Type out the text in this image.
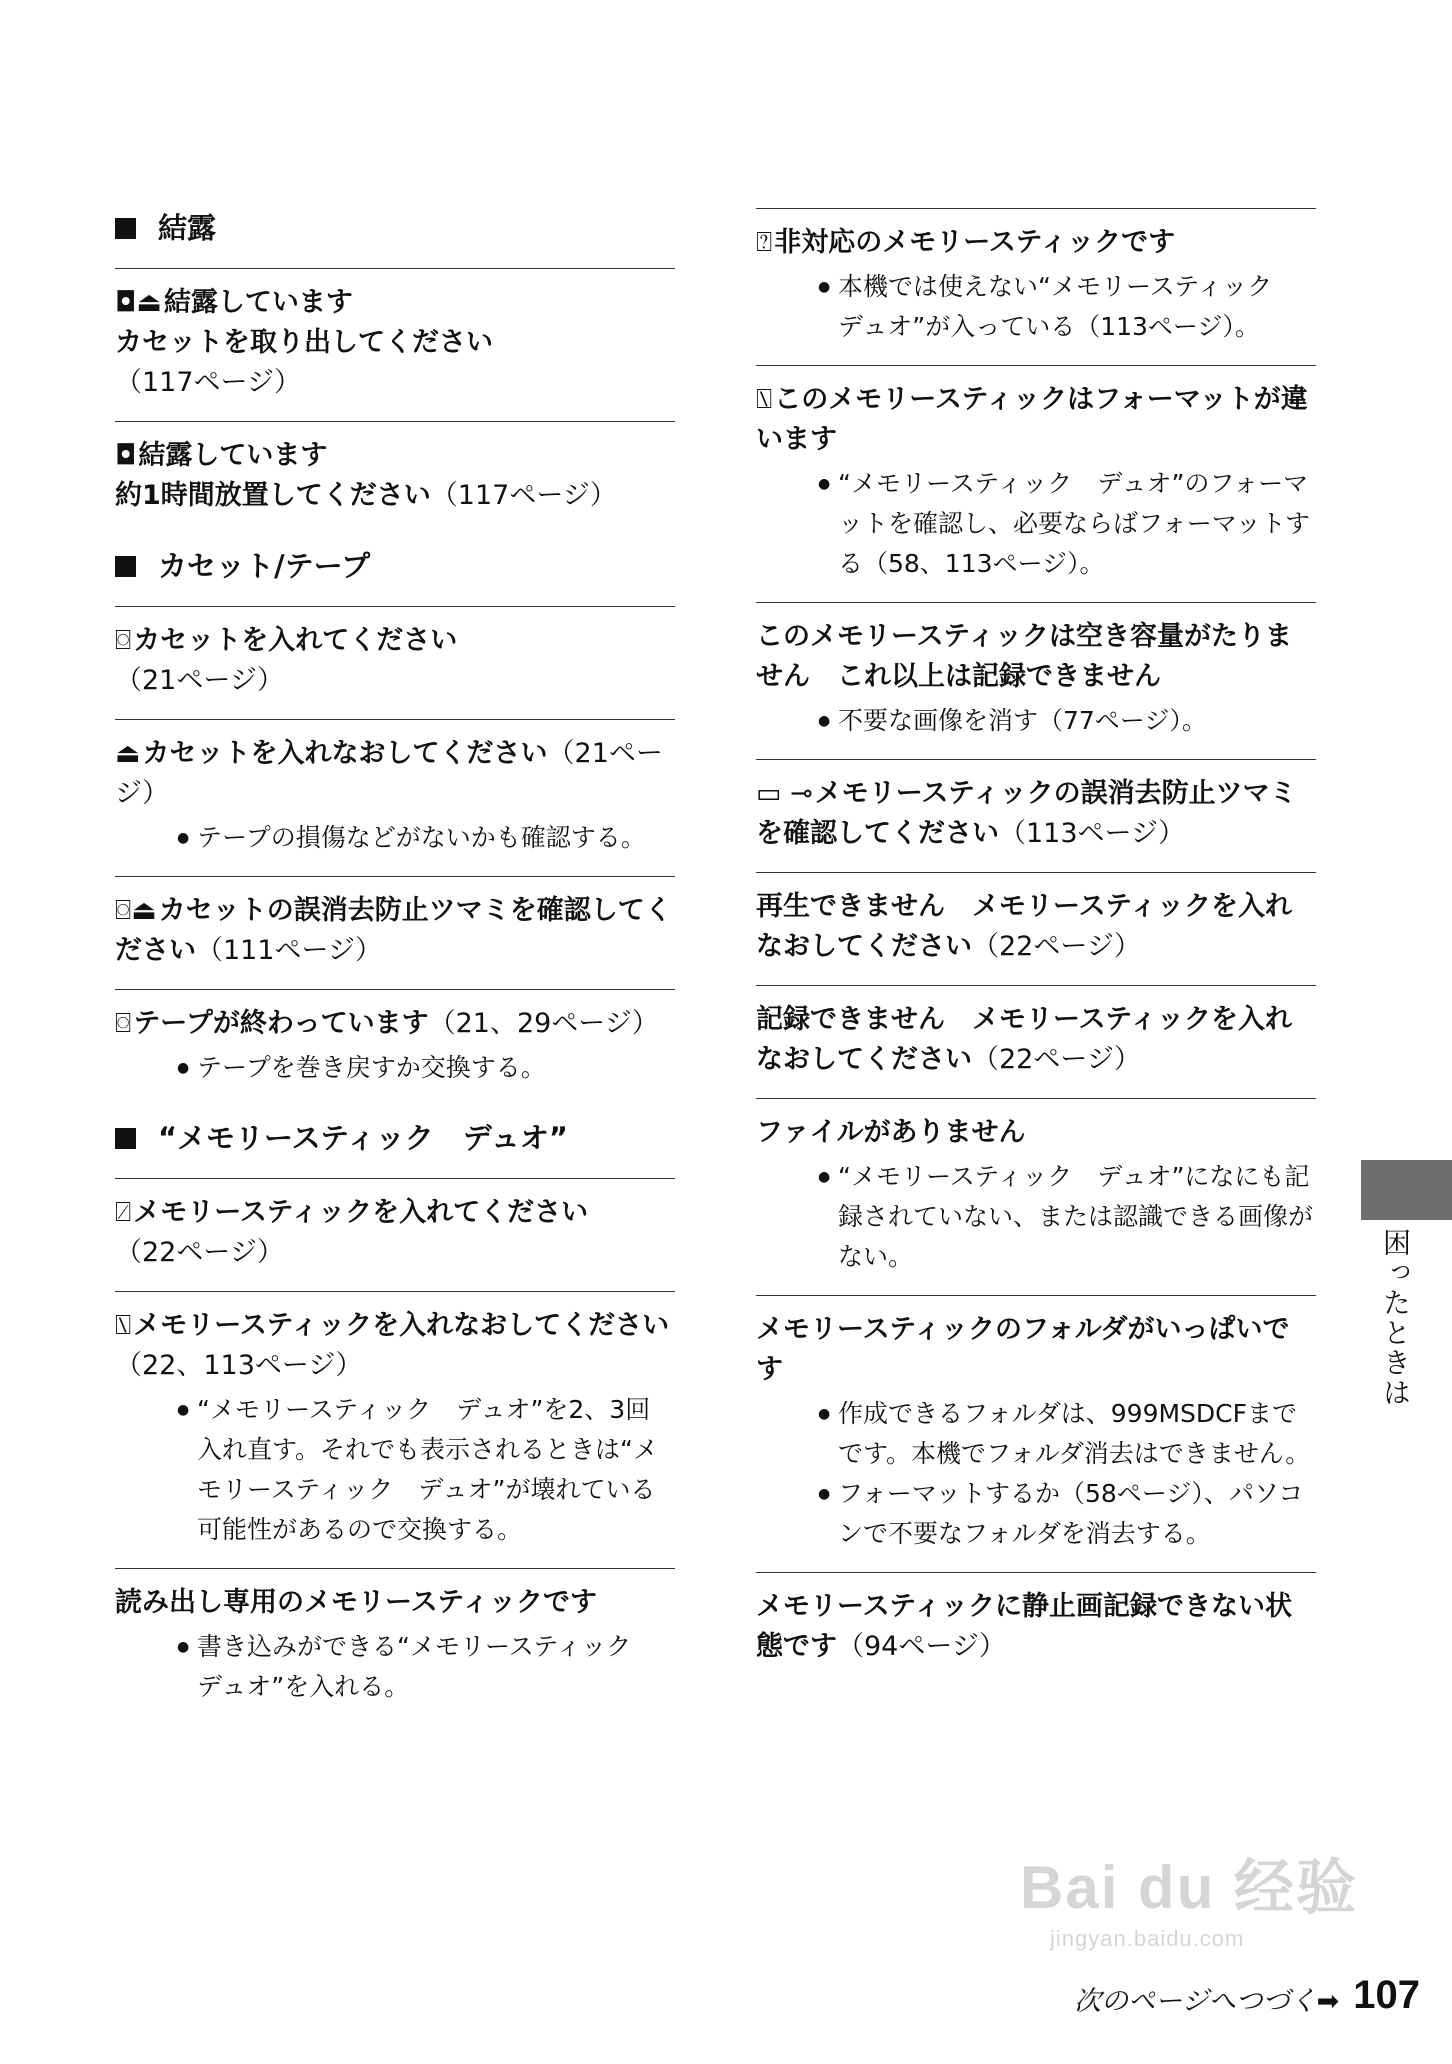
結露
◘⏏結露しています
カセットを取り出してください
（117ページ）
◘結露しています
約1時間放置してください（117ページ）
カセット/テープ
⌼カセットを入れてください
（21ページ）
⏏カセットを入れなおしてください（21ページ）
● テープの損傷などがないかも確認する。
⌼⏏カセットの誤消去防止ツマミを確認してください（111ページ）
⌼テープが終わっています（21、29ページ）
● テープを巻き戻すか交換する。
“メモリースティック　デュオ”
⍁メモリースティックを入れてください
（22ページ）
⍂メモリースティックを入れなおしてください（22、113ページ）
● “メモリースティック　デュオ”を2、3回入れ直す。それでも表示されるときは“メモリースティック　デュオ”が壊れている可能性があるので交換する。
読み出し専用のメモリースティックです
● 書き込みができる“メモリースティック　デュオ”を入れる。
⍰非対応のメモリースティックです
● 本機では使えない“メモリースティック　デュオ”が入っている（113ページ）。
⍂このメモリースティックはフォーマットが違います
● “メモリースティック　デュオ”のフォーマットを確認し、必要ならばフォーマットする（58、113ページ）。
このメモリースティックは空き容量がたりません　これ以上は記録できません
● 不要な画像を消す（77ページ）。
▭ ⊸メモリースティックの誤消去防止ツマミを確認してください（113ページ）
再生できません　メモリースティックを入れなおしてください（22ページ）
記録できません　メモリースティックを入れなおしてください（22ページ）
ファイルがありません
● “メモリースティック　デュオ”になにも記録されていない、または認識できる画像がない。
メモリースティックのフォルダがいっぱいです
● 作成できるフォルダは、999MSDCFまでです。本機でフォルダ消去はできません。
● フォーマットするか（58ページ）、パソコンで不要なフォルダを消去する。
メモリースティックに静止画記録できない状態です（94ページ）
困ったときは
Bai du 经验
jingyan.baidu.com
次のページへつづく➡ 107
